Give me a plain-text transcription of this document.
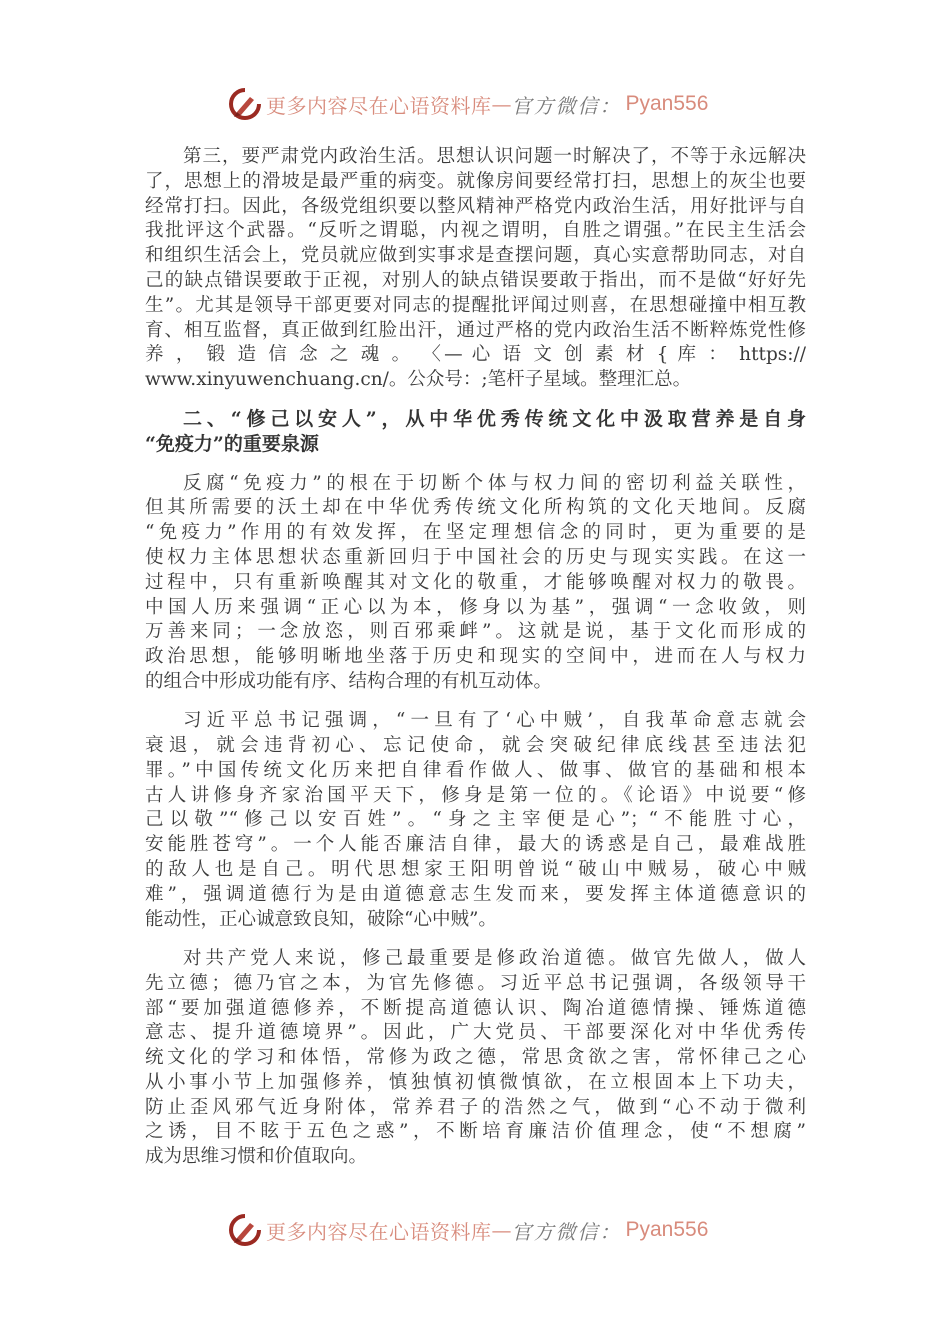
更多内容尽在心语资料库 — 官方微信： Pyan556
第三，要严肃党内政治生活。思想认识问题一时解决了，不等于永远解决
了，思想上的滑坡是最严重的病变。就像房间要经常打扫，思想上的灰尘也要
经常打扫。因此，各级党组织要以整风精神严格党内政治生活，用好批评与自
我批评这个武器。“反听之谓聪，内视之谓明，自胜之谓强。”在民主生活会
和组织生活会上，党员就应做到实事求是查摆问题，真心实意帮助同志，对自
己的缺点错误要敢于正视，对别人的缺点错误要敢于指出，而不是做“好好先
生”。尤其是领导干部更要对同志的提醒批评闻过则喜，在思想碰撞中相互教
育、相互监督，真正做到红脸出汗，通过严格的党内政治生活不断粹炼党性修
养 ， 锻 造 信 念 之 魂 。 〈— 心 语 文 创 素 材 { 库 ： https://
www.xinyuwenchuang.cn/。公众号：;笔杆子星域。整理汇总。
二、“修己以安人”，从中华优秀传统文化中汲取营养是自身
“免疫力”的重要泉源
反腐“免疫力”的根在于切断个体与权力间的密切利益关联性，
但其所需要的沃土却在中华优秀传统文化所构筑的文化天地间。反腐
“免疫力”作用的有效发挥，在坚定理想信念的同时，更为重要的是
使权力主体思想状态重新回归于中国社会的历史与现实实践。在这一
过程中，只有重新唤醒其对文化的敬重，才能够唤醒对权力的敬畏。
中国人历来强调“正心以为本，修身以为基”，强调“一念收敛，则
万善来同；一念放恣，则百邪乘衅”。这就是说，基于文化而形成的
政治思想，能够明晰地坐落于历史和现实的空间中，进而在人与权力
的组合中形成功能有序、结构合理的有机互动体。
习近平总书记强调，“一旦有了‘心中贼’，自我革命意志就会
衰退，就会违背初心、忘记使命，就会突破纪律底线甚至违法犯
罪。”中国传统文化历来把自律看作做人、做事、做官的基础和根本
古人讲修身齐家治国平天下，修身是第一位的。《论语》中说要“修
己以敬”“修己以安百姓”。“身之主宰便是心”；“不能胜寸心，
安能胜苍穹”。一个人能否廉洁自律，最大的诱惑是自己，最难战胜
的敌人也是自己。明代思想家王阳明曾说“破山中贼易，破心中贼
难”，强调道德行为是由道德意志生发而来，要发挥主体道德意识的
能动性，正心诚意致良知，破除“心中贼”。
对共产党人来说，修己最重要是修政治道德。做官先做人，做人
先立德；德乃官之本，为官先修德。习近平总书记强调，各级领导干
部“要加强道德修养，不断提高道德认识、陶冶道德情操、锤炼道德
意志、提升道德境界”。因此，广大党员、干部要深化对中华优秀传
统文化的学习和体悟，常修为政之德，常思贪欲之害，常怀律己之心
从小事小节上加强修养，慎独慎初慎微慎欲，在立根固本上下功夫，
防止歪风邪气近身附体，常养君子的浩然之气，做到“心不动于微利
之诱，目不眩于五色之惑”，不断培育廉洁价值理念，使“不想腐”
成为思维习惯和价值取向。
更多内容尽在心语资料库 — 官方微信： Pyan556
